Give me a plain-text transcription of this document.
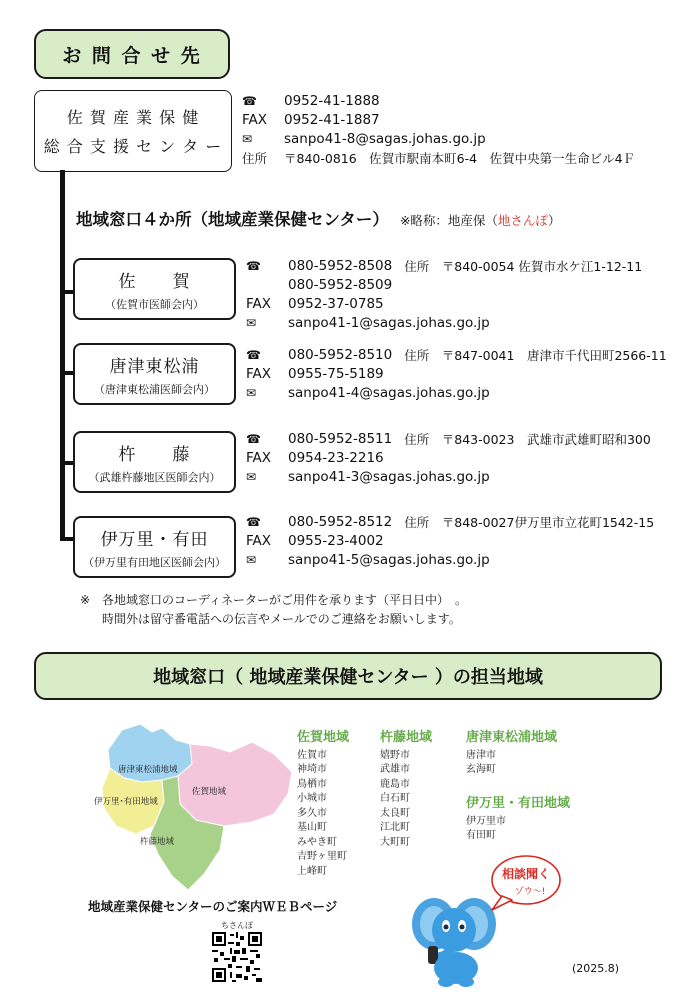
お 問 合 せ 先
佐 賀 産 業 保 健
総 合 支 援 セ ン タ ー
☎	0952-41-1888
FAX	0952-41-1887
✉	sanpo41-8@sagas.johas.go.jp
住所	〒840-0816　佐賀市駅南本町6-4　佐賀中央第一生命ビル4Ｆ
地域窓口４か所（地域産業保健センター） ※略称：地産保（地さんぽ）
佐　　賀
（佐賀市医師会内）
☎	080-5952-8508 住所　 〒840-0054 佐賀市水ケ江1-12-11
080-5952-8509
FAX	0952-37-0785
✉	sanpo41-1@sagas.johas.go.jp
唐津東松浦
（唐津東松浦医師会内）
☎	080-5952-8510 住所　 〒847-0041　唐津市千代田町2566-11
FAX	0955-75-5189
✉	sanpo41-4@sagas.johas.go.jp
杵　　藤
（武雄杵藤地区医師会内）
☎	080-5952-8511 住所　 〒843-0023　武雄市武雄町昭和300
FAX	0954-23-2216
✉	sanpo41-3@sagas.johas.go.jp
伊万里・有田
（伊万里有田地区医師会内）
☎	080-5952-8512 住所　 〒848-0027伊万里市立花町1542-15
FAX	0955-23-4002
✉	sanpo41-5@sagas.johas.go.jp
※ 各地域窓口のコーディネーターがご用件を承ります（平日日中）　。
時間外は留守番電話への伝言やメールでのご連絡をお願いします。
地域窓口（ 地域産業保健センター ）の担当地域
唐津東松浦地域
佐賀地域
伊万里･有田地域
杵藤地域
佐賀地域
佐賀市
神埼市
鳥栖市
小城市
多久市
基山町
みやき町
吉野ヶ里町
上峰町
杵藤地域
嬉野市
武雄市
鹿島市
白石町
太良町
江北町
大町町
唐津東松浦地域
唐津市
玄海町
伊万里・有田地域
伊万里市
有田町
地域産業保健センターのご案内ＷＥＢページ
ちさんぽ
相談聞く
ゾウ～!
(2025.8)
